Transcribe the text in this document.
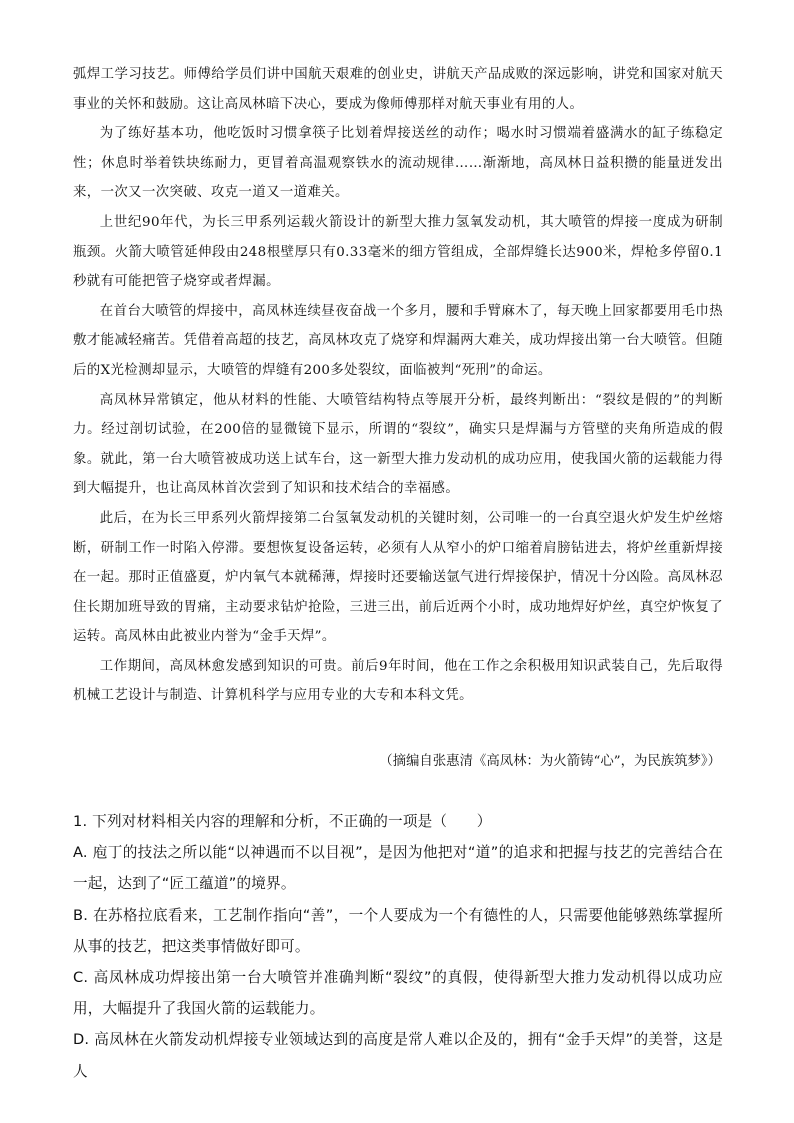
弧焊工学习技艺。师傅给学员们讲中国航天艰难的创业史，讲航天产品成败的深远影响，讲党和国家对航天事业的关怀和鼓励。这让高凤林暗下决心，要成为像师傅那样对航天事业有用的人。

为了练好基本功，他吃饭时习惯拿筷子比划着焊接送丝的动作；喝水时习惯端着盛满水的缸子练稳定性；休息时举着铁块练耐力，更冒着高温观察铁水的流动规律……渐渐地，高凤林日益积攒的能量迸发出来，一次又一次突破、攻克一道又一道难关。

上世纪90年代，为长三甲系列运载火箭设计的新型大推力氢氧发动机，其大喷管的焊接一度成为研制瓶颈。火箭大喷管延伸段由248根壁厚只有0.33毫米的细方管组成，全部焊缝长达900米，焊枪多停留0.1秒就有可能把管子烧穿或者焊漏。

在首台大喷管的焊接中，高凤林连续昼夜奋战一个多月，腰和手臂麻木了，每天晚上回家都要用毛巾热敷才能减轻痛苦。凭借着高超的技艺，高凤林攻克了烧穿和焊漏两大难关，成功焊接出第一台大喷管。但随后的X光检测却显示，大喷管的焊缝有200多处裂纹，面临被判“死刑”的命运。

高凤林异常镇定，他从材料的性能、大喷管结构特点等展开分析，最终判断出：“裂纹是假的”的判断力。经过剖切试验，在200倍的显微镜下显示，所谓的“裂纹”，确实只是焊漏与方管壁的夹角所造成的假象。就此，第一台大喷管被成功送上试车台，这一新型大推力发动机的成功应用，使我国火箭的运载能力得到大幅提升，也让高凤林首次尝到了知识和技术结合的幸福感。

此后，在为长三甲系列火箭焊接第二台氢氧发动机的关键时刻，公司唯一的一台真空退火炉发生炉丝熔断，研制工作一时陷入停滞。要想恢复设备运转，必须有人从窄小的炉口缩着肩膀钻进去，将炉丝重新焊接在一起。那时正值盛夏，炉内氧气本就稀薄，焊接时还要输送氩气进行焊接保护，情况十分凶险。高凤林忍住长期加班导致的胃痛，主动要求钻炉抢险，三进三出，前后近两个小时，成功地焊好炉丝，真空炉恢复了运转。高凤林由此被业内誉为“金手天焊”。

工作期间，高凤林愈发感到知识的可贵。前后9年时间，他在工作之余积极用知识武装自己，先后取得机械工艺设计与制造、计算机科学与应用专业的大专和本科文凭。

（摘编自张惠清《高凤林：为火箭铸“心”，为民族筑梦》）

1. 下列对材料相关内容的理解和分析，不正确的一项是（　　）

A. 庖丁的技法之所以能“以神遇而不以目视”，是因为他把对“道”的追求和把握与技艺的完善结合在一起，达到了“匠工蕴道”的境界。

B. 在苏格拉底看来，工艺制作指向“善”，一个人要成为一个有德性的人，只需要他能够熟练掌握所从事的技艺，把这类事情做好即可。

C. 高凤林成功焊接出第一台大喷管并准确判断“裂纹”的真假，使得新型大推力发动机得以成功应用，大幅提升了我国火箭的运载能力。

D. 高凤林在火箭发动机焊接专业领域达到的高度是常人难以企及的，拥有“金手天焊”的美誉，这是人
